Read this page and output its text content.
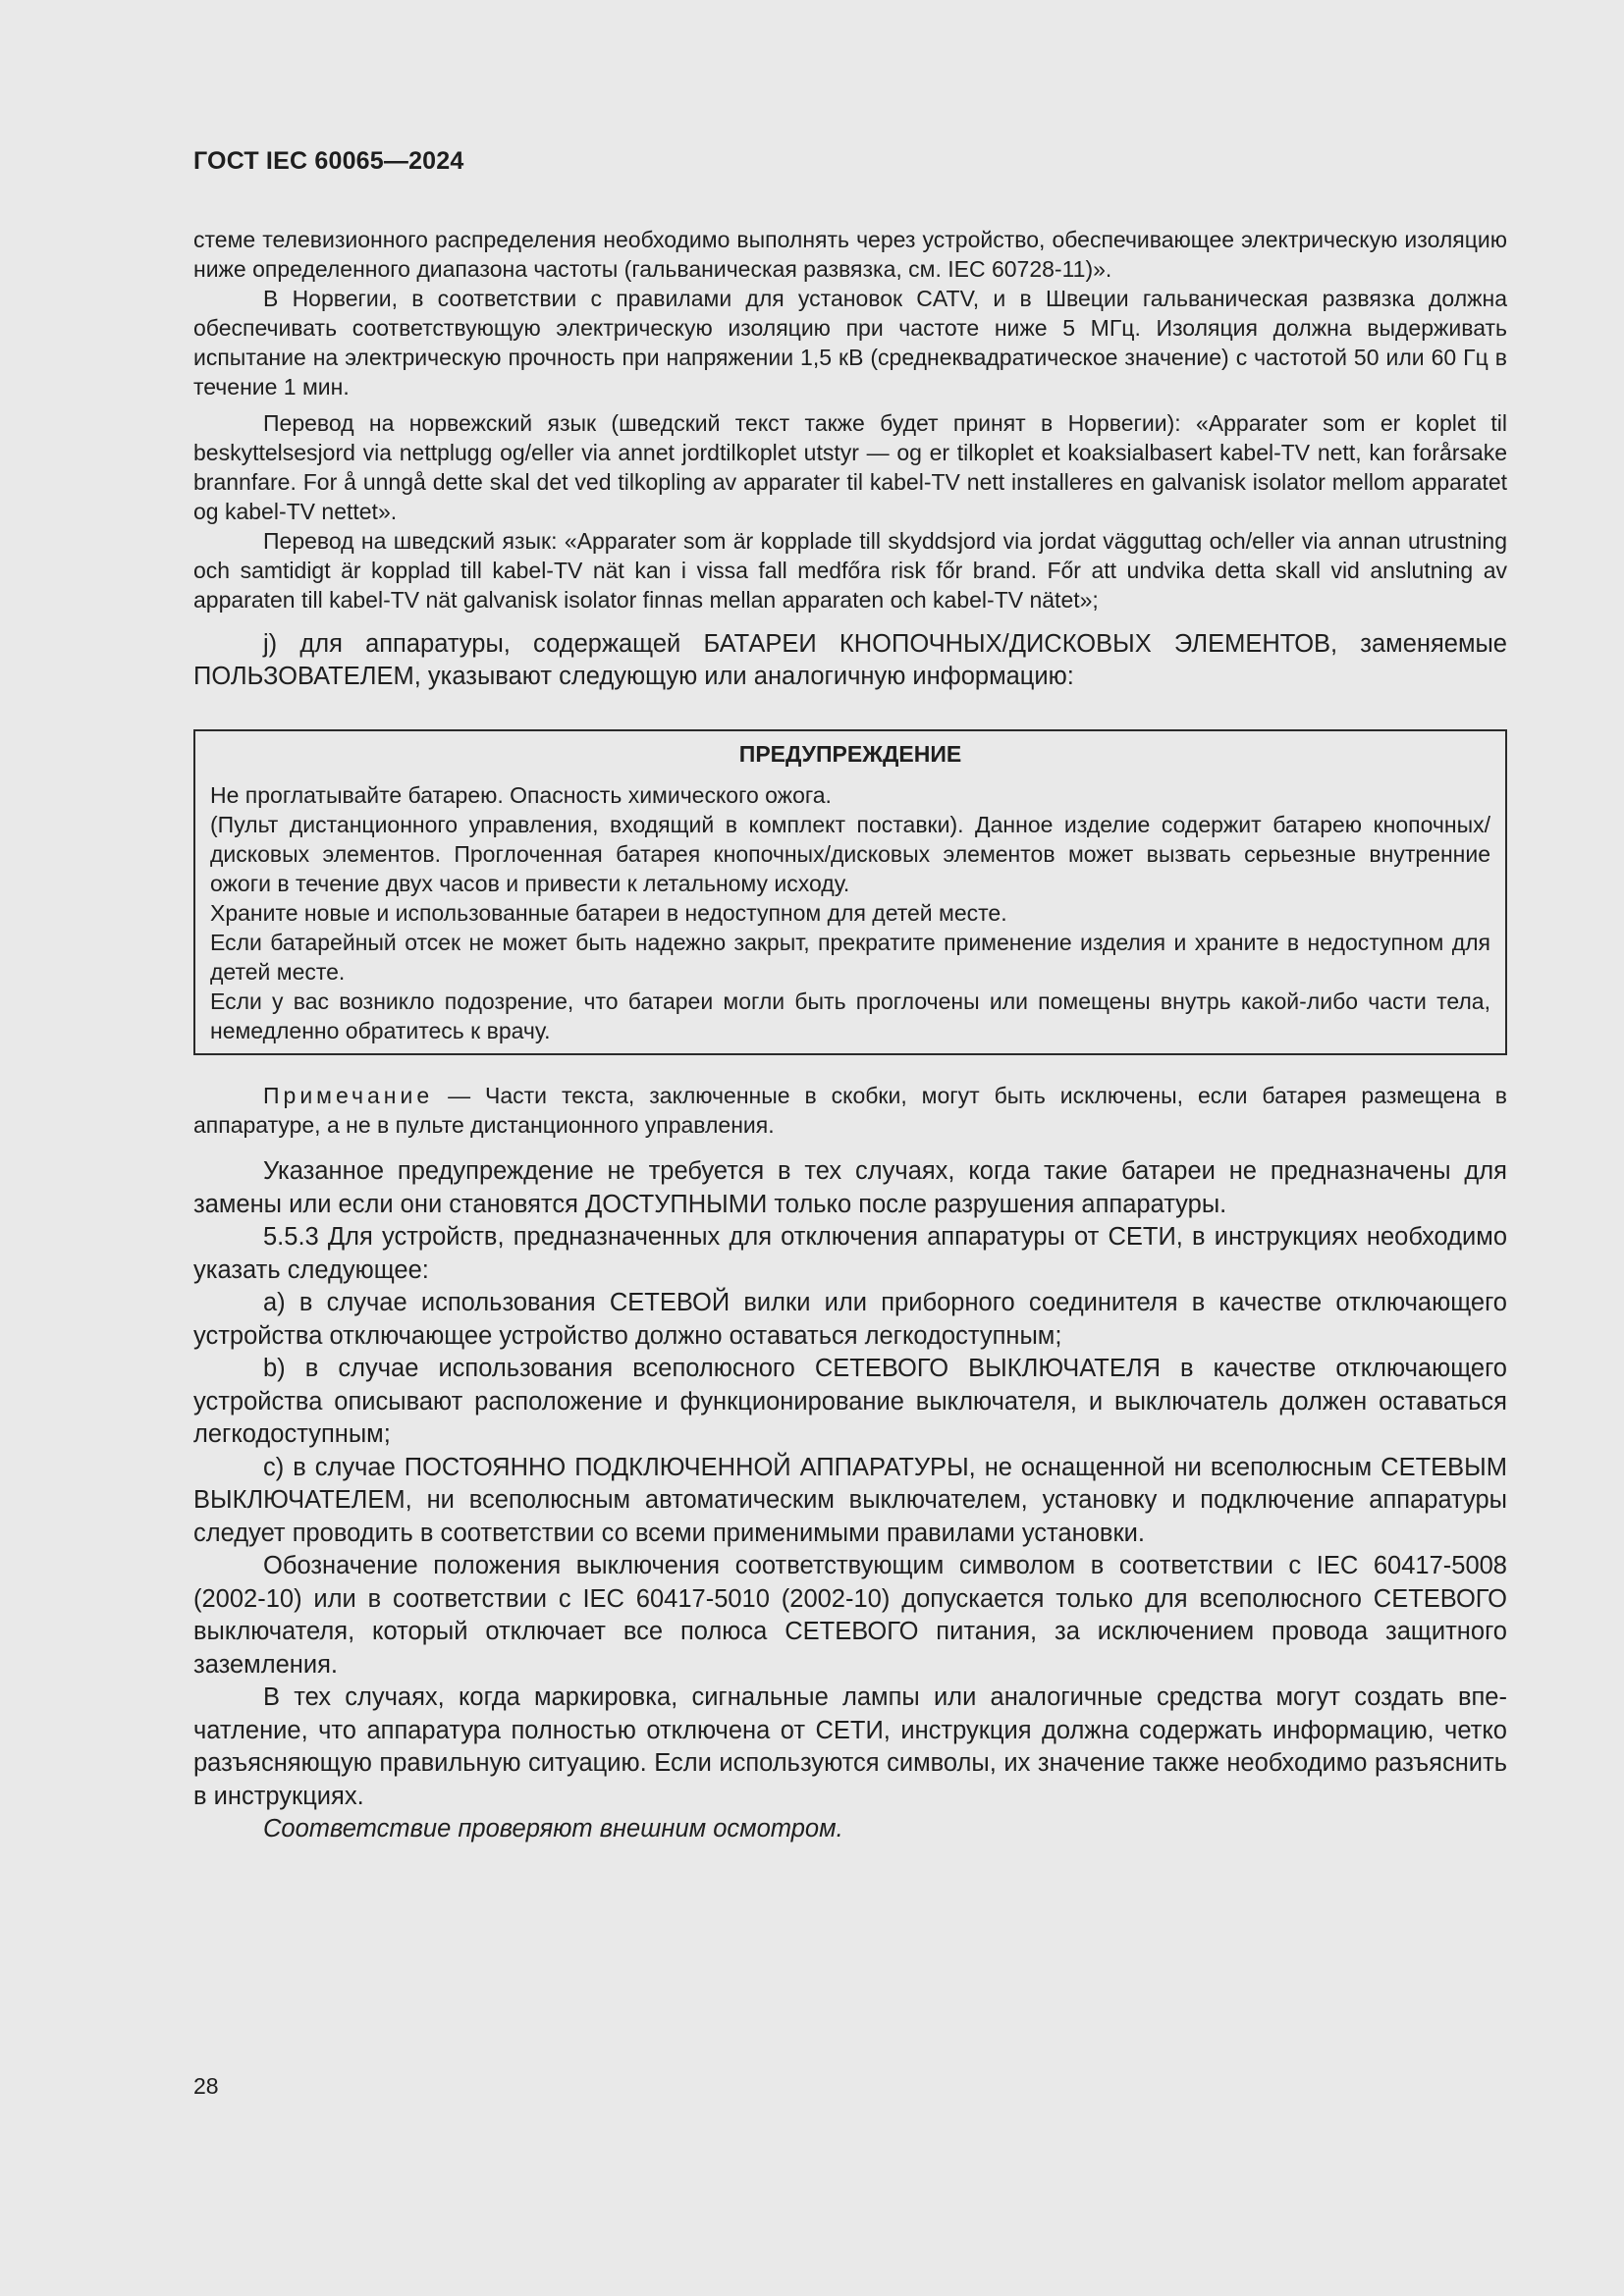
ГОСТ IEC 60065—2024

стеме телевизионного распределения необходимо выполнять через устройство, обеспечивающее электрическую изоляцию ниже определенного диапазона частоты (гальваническая развязка, см. IEC 60728-11)».

В Норвегии, в соответствии с правилами для установок CATV, и в Швеции гальваническая развязка должна обеспечивать соответствующую электрическую изоляцию при частоте ниже 5 МГц. Изоляция должна выдерживать испытание на электрическую прочность при напряжении 1,5 кВ (среднеквадратическое значение) с частотой 50 или 60 Гц в течение 1 мин.

Перевод на норвежский язык (шведский текст также будет принят в Норвегии): «Apparater som er koplet til beskyttelsesjord via nettplugg og/eller via annet jordtilkoplet utstyr — og er tilkoplet et koaksialbasert kabel-TV nett, kan forårsake brannfare. For å unngå dette skal det ved tilkopling av apparater til kabel-TV nett installeres en galvanisk isolator mellom apparatet og kabel-TV nettet».

Перевод на шведский язык: «Apparater som är kopplade till skyddsjord via jordat vägguttag och/eller via annan utrustning och samtidigt är kopplad till kabel-TV nät kan i vissa fall medfőra risk főr brand. Főr att undvika detta skall vid anslutning av apparaten till kabel-TV nät galvanisk isolator finnas mellan apparaten och kabel-TV nätet»;

j) для аппаратуры, содержащей БАТАРЕИ КНОПОЧНЫХ/ДИСКОВЫХ ЭЛЕМЕНТОВ, заменяемые ПОЛЬЗОВАТЕЛЕМ, указывают следующую или аналогичную информацию:

ПРЕДУПРЕЖДЕНИЕ

Не проглатывайте батарею. Опасность химического ожога.

(Пульт дистанционного управления, входящий в комплект поставки). Данное изделие содержит батарею кнопочных/дисковых элементов. Проглоченная батарея кнопочных/дисковых элементов может вызвать серьезные внутренние ожоги в течение двух часов и привести к летальному исходу.

Храните новые и использованные батареи в недоступном для детей месте.

Если батарейный отсек не может быть надежно закрыт, прекратите применение изделия и храните в недоступном для детей месте.

Если у вас возникло подозрение, что батареи могли быть проглочены или помещены внутрь какой-либо части тела, немедленно обратитесь к врачу.

Примечание — Части текста, заключенные в скобки, могут быть исключены, если батарея размещена в аппаратуре, а не в пульте дистанционного управления.

Указанное предупреждение не требуется в тех случаях, когда такие батареи не предназначены для замены или если они становятся ДОСТУПНЫМИ только после разрушения аппаратуры.

5.5.3 Для устройств, предназначенных для отключения аппаратуры от СЕТИ, в инструкциях необходимо указать следующее:

a) в случае использования СЕТЕВОЙ вилки или приборного соединителя в качестве отключающего устройства отключающее устройство должно оставаться легкодоступным;

b) в случае использования всеполюсного СЕТЕВОГО ВЫКЛЮЧАТЕЛЯ в качестве отключающего устройства описывают расположение и функционирование выключателя, и выключатель должен оставаться легкодоступным;

c) в случае ПОСТОЯННО ПОДКЛЮЧЕННОЙ АППАРАТУРЫ, не оснащенной ни всеполюсным СЕТЕВЫМ ВЫКЛЮЧАТЕЛЕМ, ни всеполюсным автоматическим выключателем, установку и подключение аппаратуры следует проводить в соответствии со всеми применимыми правилами установки.

Обозначение положения выключения соответствующим символом в соответствии с IEC 60417-5008 (2002-10) или в соответствии с IEC 60417-5010 (2002-10) допускается только для всеполюсного СЕТЕВОГО выключателя, который отключает все полюса СЕТЕВОГО питания, за исключением провода защитного заземления.

В тех случаях, когда маркировка, сигнальные лампы или аналогичные средства могут создать впечатление, что аппаратура полностью отключена от СЕТИ, инструкция должна содержать информацию, четко разъясняющую правильную ситуацию. Если используются символы, их значение также необходимо разъяснить в инструкциях.

Соответствие проверяют внешним осмотром.

28
